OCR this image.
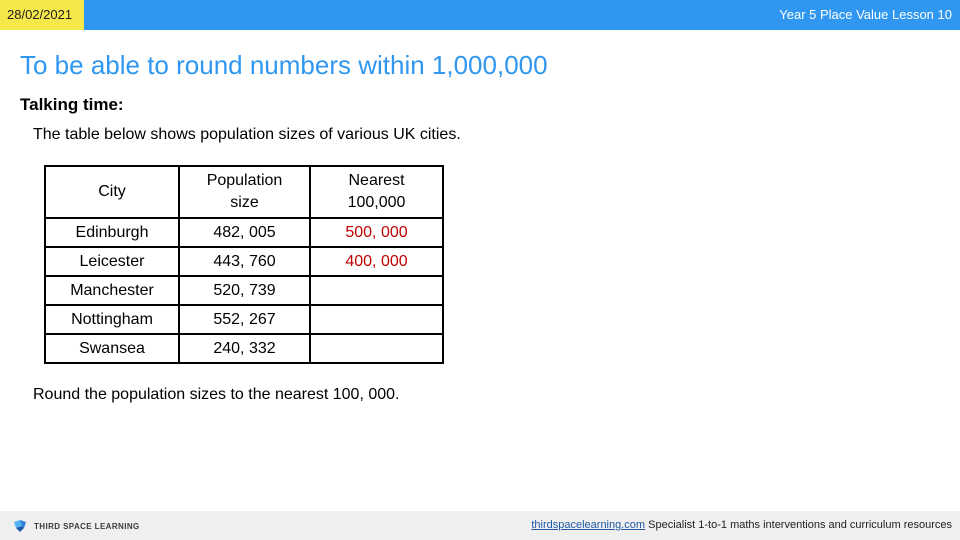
28/02/2021	Year 5 Place Value Lesson 10
To be able to round numbers within 1,000,000
Talking time:
The table below shows population sizes of various UK cities.
City	Population size	Nearest 100,000
Edinburgh	482, 005	500, 000
Leicester	443, 760	400, 000
Manchester	520, 739	
Nottingham	552, 267	
Swansea	240, 332	
Round the population sizes to the nearest 100, 000.
THIRD SPACE LEARNING	thirdspacelearning.com Specialist 1-to-1 maths interventions and curriculum resources
